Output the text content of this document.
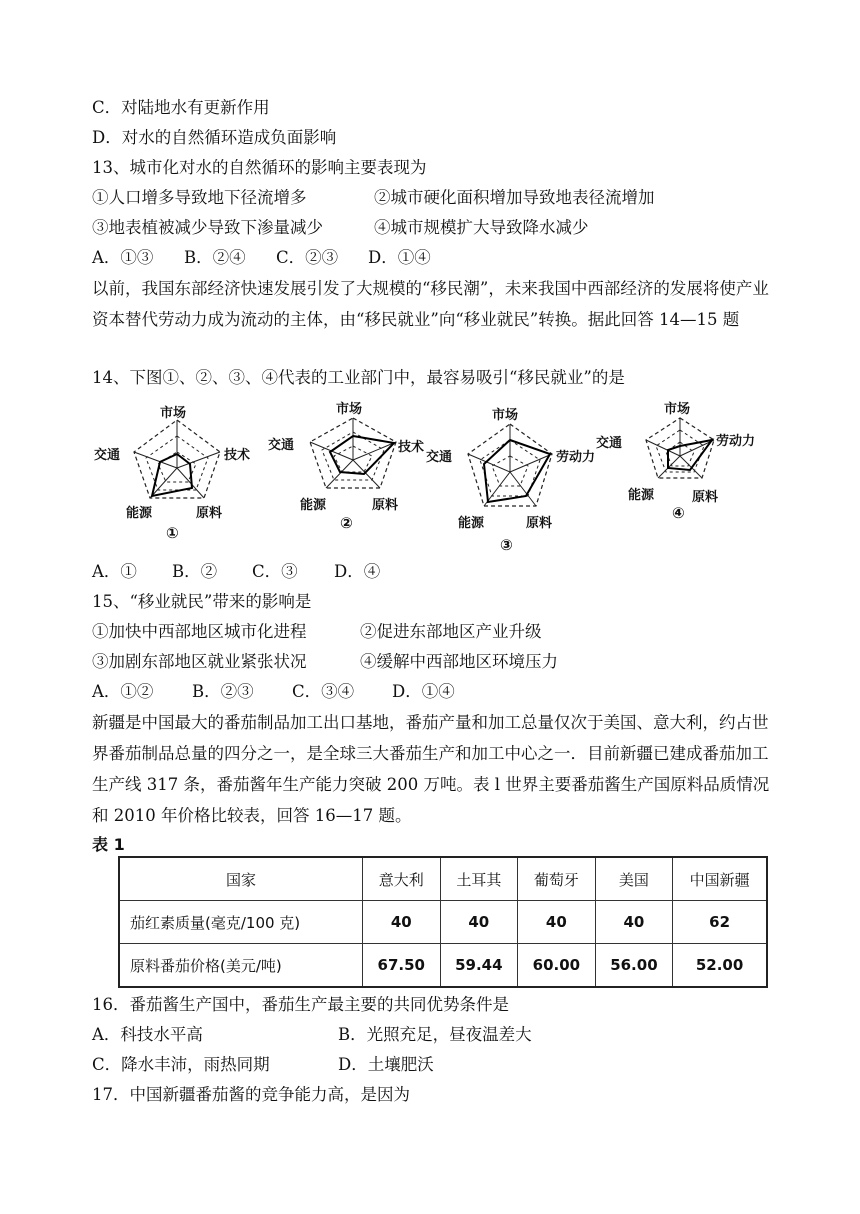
C．对陆地水有更新作用
D．对水的自然循环造成负面影响
13、城市化对水的自然循环的影响主要表现为
①人口增多导致地下径流增多	②城市硬化面积增加导致地表径流增加
③地表植被减少导致下渗量减少	④城市规模扩大导致降水减少
A．①③ B．②④ C．②③ D．①④
以前，我国东部经济快速发展引发了大规模的“移民潮”，未来我国中西部经济的发展将使产业资本替代劳动力成为流动的主体，由“移民就业”向“移业就民”转换。据此回答 14—15 题
14、下图①、②、③、④代表的工业部门中，最容易吸引“移民就业”的是
市场
交通	技术
能源	原料
①
市场
交通	技术
能源	原料
②
市场
交通	劳动力
能源	原料
③
市场
交通	劳动力
能源	原料
④
A．① B．② C．③ D．④
15、“移业就民”带来的影响是
①加快中西部地区城市化进程	②促进东部地区产业升级
③加剧东部地区就业紧张状况	④缓解中西部地区环境压力
A．①② B．②③ C．③④ D．①④
新疆是中国最大的番茄制品加工出口基地，番茄产量和加工总量仅次于美国、意大利，约占世界番茄制品总量的四分之一，是全球三大番茄生产和加工中心之一．目前新疆已建成番茄加工生产线 317 条，番茄酱年生产能力突破 200 万吨。表 l 世界主要番茄酱生产国原料品质情况和 2010 年价格比较表，回答 16—17 题。
表 1
国家	意大利	土耳其	葡萄牙	美国	中国新疆
茄红素质量(毫克/100 克)	40	40	40	40	62
原料番茄价格(美元/吨)	67.50	59.44	60.00	56.00	52.00
16．番茄酱生产国中，番茄生产最主要的共同优势条件是
A．科技水平高	B．光照充足，昼夜温差大
C．降水丰沛，雨热同期	D．土壤肥沃
17．中国新疆番茄酱的竞争能力高，是因为
